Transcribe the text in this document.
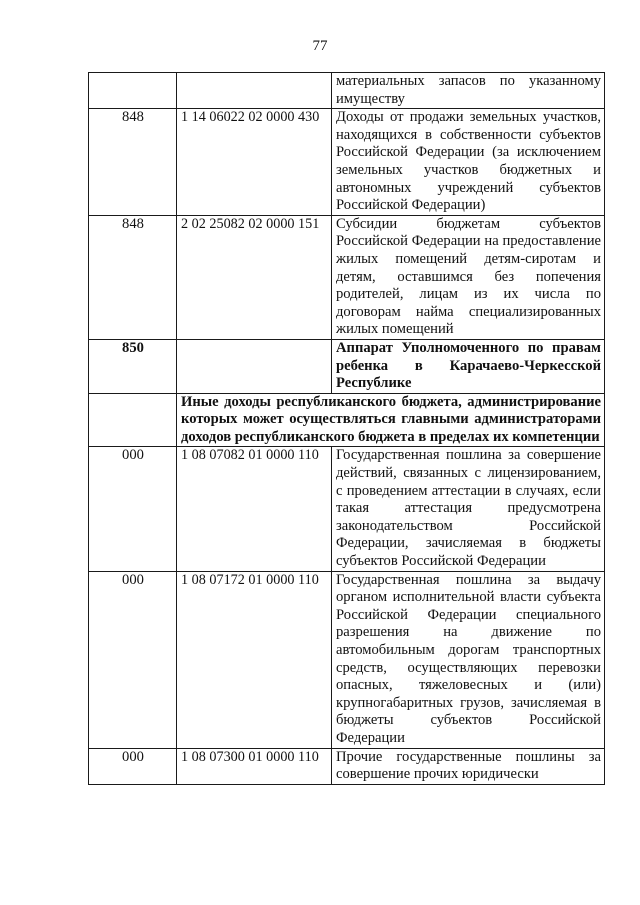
77
		материальных запасов по указанному имуществу
848	1 14 06022 02 0000 430	Доходы от продажи земельных участков, находящихся в собственности субъектов Российской Федерации (за исключением земельных участков бюджетных и автономных учреждений субъектов Российской Федерации)
848	2 02 25082 02 0000 151	Субсидии бюджетам субъектов Российской Федерации на предоставление жилых помещений детям-сиротам и детям, оставшимся без попечения родителей, лицам из их числа по договорам найма специализированных жилых помещений
850		Аппарат Уполномоченного по правам ребенка в Карачаево-Черкесской Республике
	Иные доходы республиканского бюджета, администрирование которых может осуществляться главными администраторами доходов республиканского бюджета в пределах их компетенции	
000	1 08 07082 01 0000 110	Государственная пошлина за совершение действий, связанных с лицензированием, с проведением аттестации в случаях, если такая аттестация предусмотрена законодательством Российской Федерации, зачисляемая в бюджеты субъектов Российской Федерации
000	1 08 07172 01 0000 110	Государственная пошлина за выдачу органом исполнительной власти субъекта Российской Федерации специального разрешения на движение по автомобильным дорогам транспортных средств, осуществляющих перевозки опасных, тяжеловесных и (или) крупногабаритных грузов, зачисляемая в бюджеты субъектов Российской Федерации
000	1 08 07300 01 0000 110	Прочие государственные пошлины за совершение прочих юридически
